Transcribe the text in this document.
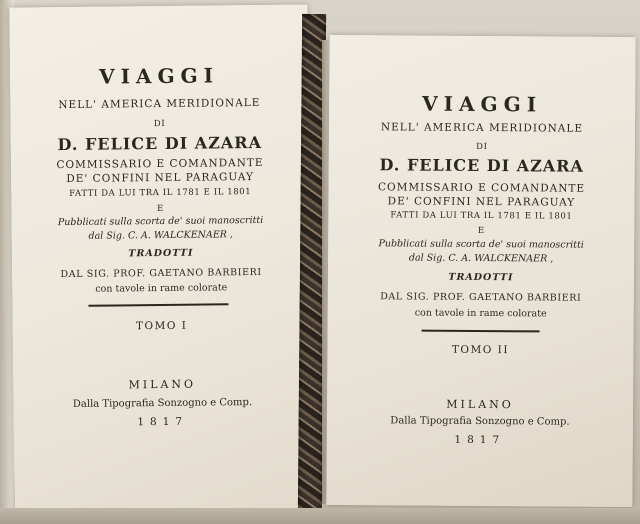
VIAGGI
NELL' AMERICA MERIDIONALE
DI
D. FELICE DI AZARA
COMMISSARIO E COMANDANTE
DE' CONFINI NEL PARAGUAY
FATTI DA LUI TRA IL 1781 E IL 1801
E
Pubblicati sulla scorta de' suoi manoscritti
dal Sig. C. A. WALCKENAER ,
TRADOTTI
DAL SIG. PROF. GAETANO BARBIERI
con tavole in rame colorate
TOMO I
MILANO
Dalla Tipografia Sonzogno e Comp.
1817
VIAGGI
NELL' AMERICA MERIDIONALE
DI
D. FELICE DI AZARA
COMMISSARIO E COMANDANTE
DE' CONFINI NEL PARAGUAY
FATTI DA LUI TRA IL 1781 E IL 1801
E
Pubblicati sulla scorta de' suoi manoscritti
dal Sig. C. A. WALCKENAER ,
TRADOTTI
DAL SIG. PROF. GAETANO BARBIERI
con tavole in rame colorate
TOMO II
MILANO
Dalla Tipografia Sonzogno e Comp.
1817
